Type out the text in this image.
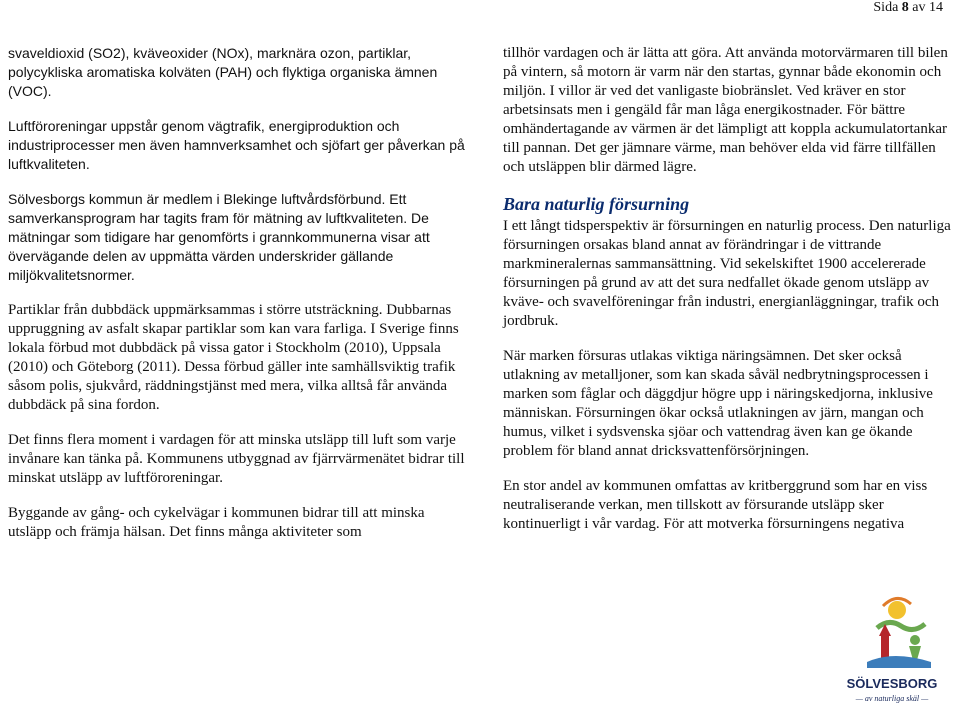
Sida 8 av 14

svaveldioxid (SO2), kväveoxider (NOx), marknära ozon, partiklar, polycykliska aromatiska kolväten (PAH) och flyktiga organiska ämnen (VOC).

Luftföroreningar uppstår genom vägtrafik, energiproduktion och industriprocesser men även hamnverksamhet och sjöfart ger påverkan på luftkvaliteten.

Sölvesborgs kommun är medlem i Blekinge luftvårdsförbund. Ett samverkansprogram har tagits fram för mätning av luftkvaliteten. De mätningar som tidigare har genomförts i grannkommunerna visar att övervägande delen av uppmätta värden underskrider gällande miljökvalitetsnormer.

Partiklar från dubbdäck uppmärksammas i större utsträckning. Dubbarnas uppruggning av asfalt skapar partiklar som kan vara farliga. I Sverige finns lokala förbud mot dubbdäck på vissa gator i Stockholm (2010), Uppsala (2010) och Göteborg (2011). Dessa förbud gäller inte samhällsviktig trafik såsom polis, sjukvård, räddningstjänst med mera, vilka alltså får använda dubbdäck på sina fordon.

Det finns flera moment i vardagen för att minska utsläpp till luft som varje invånare kan tänka på. Kommunens utbyggnad av fjärrvärmenätet bidrar till minskat utsläpp av luftföroreningar.

Byggande av gång- och cykelvägar i kommunen bidrar till att minska utsläpp och främja hälsan. Det finns många aktiviteter som

tillhör vardagen och är lätta att göra. Att använda motorvärmaren till bilen på vintern, så motorn är varm när den startas, gynnar både ekonomin och miljön. I villor är ved det vanligaste biobränslet. Ved kräver en stor arbetsinsats men i gengäld får man låga energikostnader. För bättre omhändertagande av värmen är det lämpligt att koppla ackumulatortankar till pannan. Det ger jämnare värme, man behöver elda vid färre tillfällen och utsläppen blir därmed lägre.

Bara naturlig försurning

I ett långt tidsperspektiv är försurningen en naturlig process. Den naturliga försurningen orsakas bland annat av förändringar i de vittrande markmineralernas sammansättning. Vid sekelskiftet 1900 accelererade försurningen på grund av att det sura nedfallet ökade genom utsläpp av kväve- och svavelföreningar från industri, energianläggningar, trafik och jordbruk.

När marken försuras utlakas viktiga näringsämnen. Det sker också utlakning av metalljoner, som kan skada såväl nedbrytningsprocessen i marken som fåglar och däggdjur högre upp i näringskedjorna, inklusive människan. Försurningen ökar också utlakningen av järn, mangan och humus, vilket i sydsvenska sjöar och vattendrag även kan ge ökande problem för bland annat dricksvattenförsörjningen.

En stor andel av kommunen omfattas av kritberggrund som har en viss neutraliserande verkan, men tillskott av försurande utsläpp sker kontinuerligt i vår vardag. För att motverka försurningens negativa

SÖLVESBORG
— av naturliga skäl —
